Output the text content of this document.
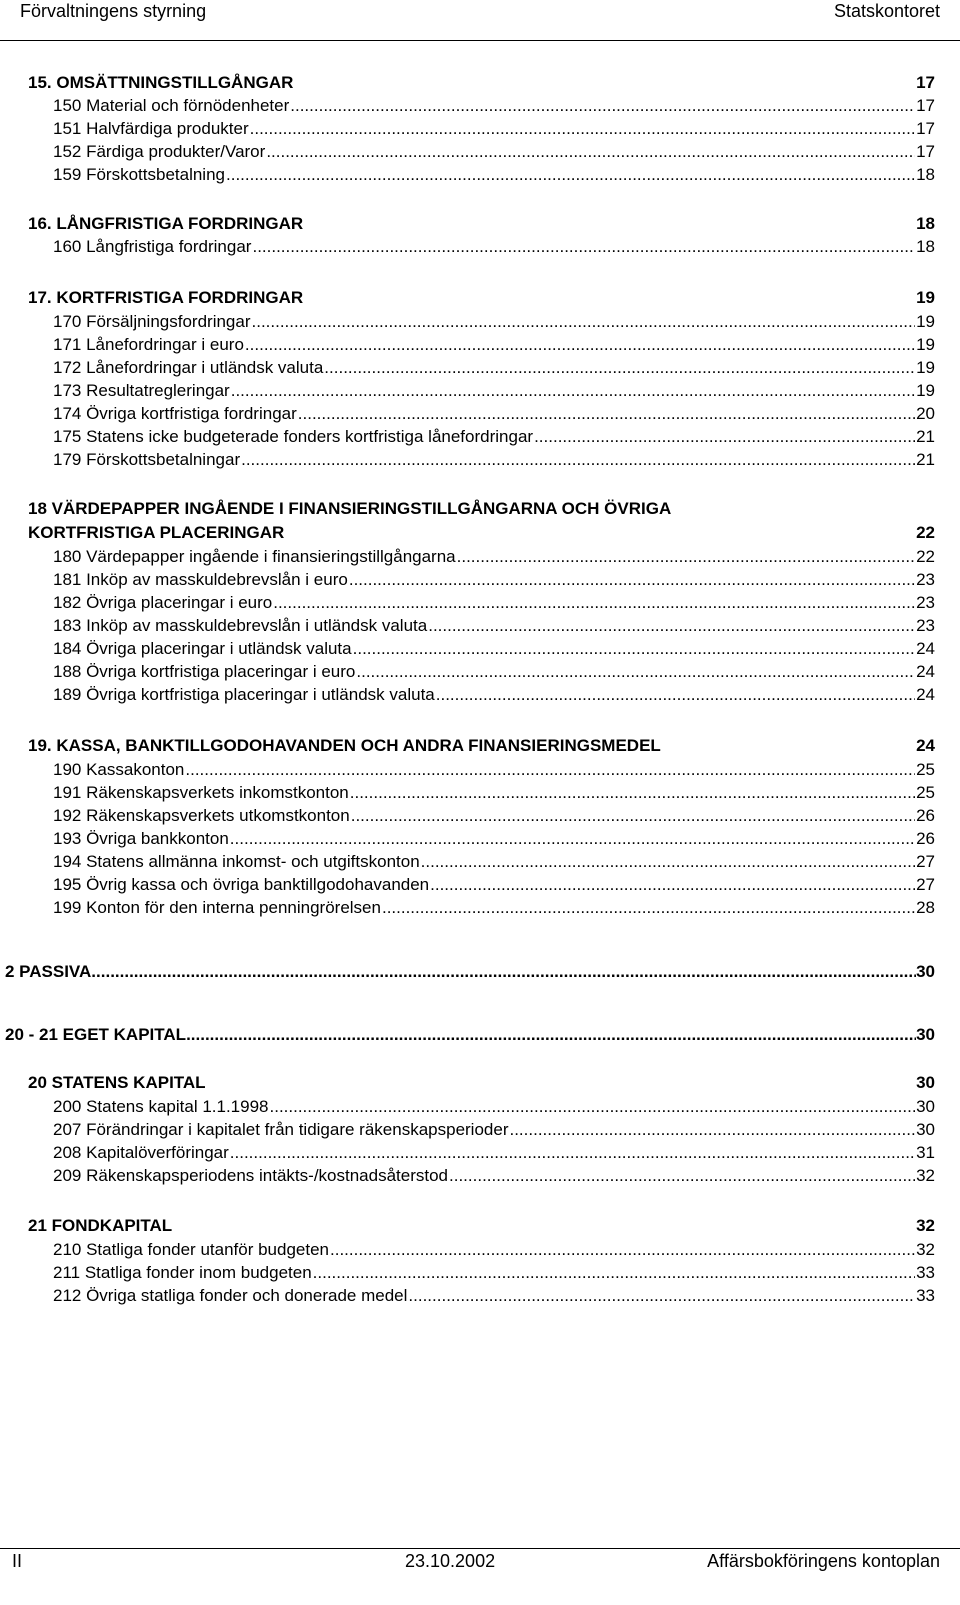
Förvaltningens styrning	Statskontoret
15. OMSÄTTNINGSTILLGÅNGAR	17
150 Material och förnödenheter .....	17
151 Halvfärdiga produkter .....	17
152 Färdiga produkter/Varor .....	17
159 Förskottsbetalning .....	18
16. LÅNGFRISTIGA FORDRINGAR	18
160 Långfristiga fordringar .....	18
17. KORTFRISTIGA FORDRINGAR	19
170 Försäljningsfordringar .....	19
171 Lånefordringar i euro .....	19
172 Lånefordringar i utländsk valuta .....	19
173 Resultatregleringar .....	19
174 Övriga kortfristiga fordringar .....	20
175 Statens icke budgeterade fonders kortfristiga lånefordringar .....	21
179 Förskottsbetalningar .....	21
18 VÄRDEPAPPER INGÅENDE I FINANSIERINGSTILLGÅNGARNA OCH ÖVRIGA
KORTFRISTIGA PLACERINGAR	22
180 Värdepapper ingående i finansieringstillgångarna .....	22
181 Inköp av masskuldebrevslån i euro .....	23
182 Övriga placeringar i euro .....	23
183 Inköp av masskuldebrevslån i utländsk valuta .....	23
184 Övriga placeringar i utländsk valuta .....	24
188 Övriga kortfristiga placeringar i euro .....	24
189 Övriga kortfristiga placeringar i utländsk valuta .....	24
19. KASSA, BANKTILLGODOHAVANDEN OCH ANDRA FINANSIERINGSMEDEL	24
190 Kassakonton .....	25
191 Räkenskapsverkets inkomstkonton .....	25
192 Räkenskapsverkets utkomstkonton .....	26
193 Övriga bankkonton .....	26
194 Statens allmänna inkomst- och utgiftskonton .....	27
195 Övrig kassa och övriga banktillgodohavanden .....	27
199 Konton för den interna penningrörelsen .....	28
2 PASSIVA .....	30
20 - 21 EGET KAPITAL .....	30
20 STATENS KAPITAL	30
200 Statens kapital 1.1.1998 .....	30
207 Förändringar i kapitalet från tidigare räkenskapsperioder .....	30
208 Kapitalöverföringar .....	31
209 Räkenskapsperiodens intäkts-/kostnadsåterstod .....	32
21 FONDKAPITAL	32
210 Statliga fonder utanför budgeten .....	32
211 Statliga fonder inom budgeten .....	33
212 Övriga statliga fonder och donerade medel .....	33
II	23.10.2002	Affärsbokföringens kontoplan
